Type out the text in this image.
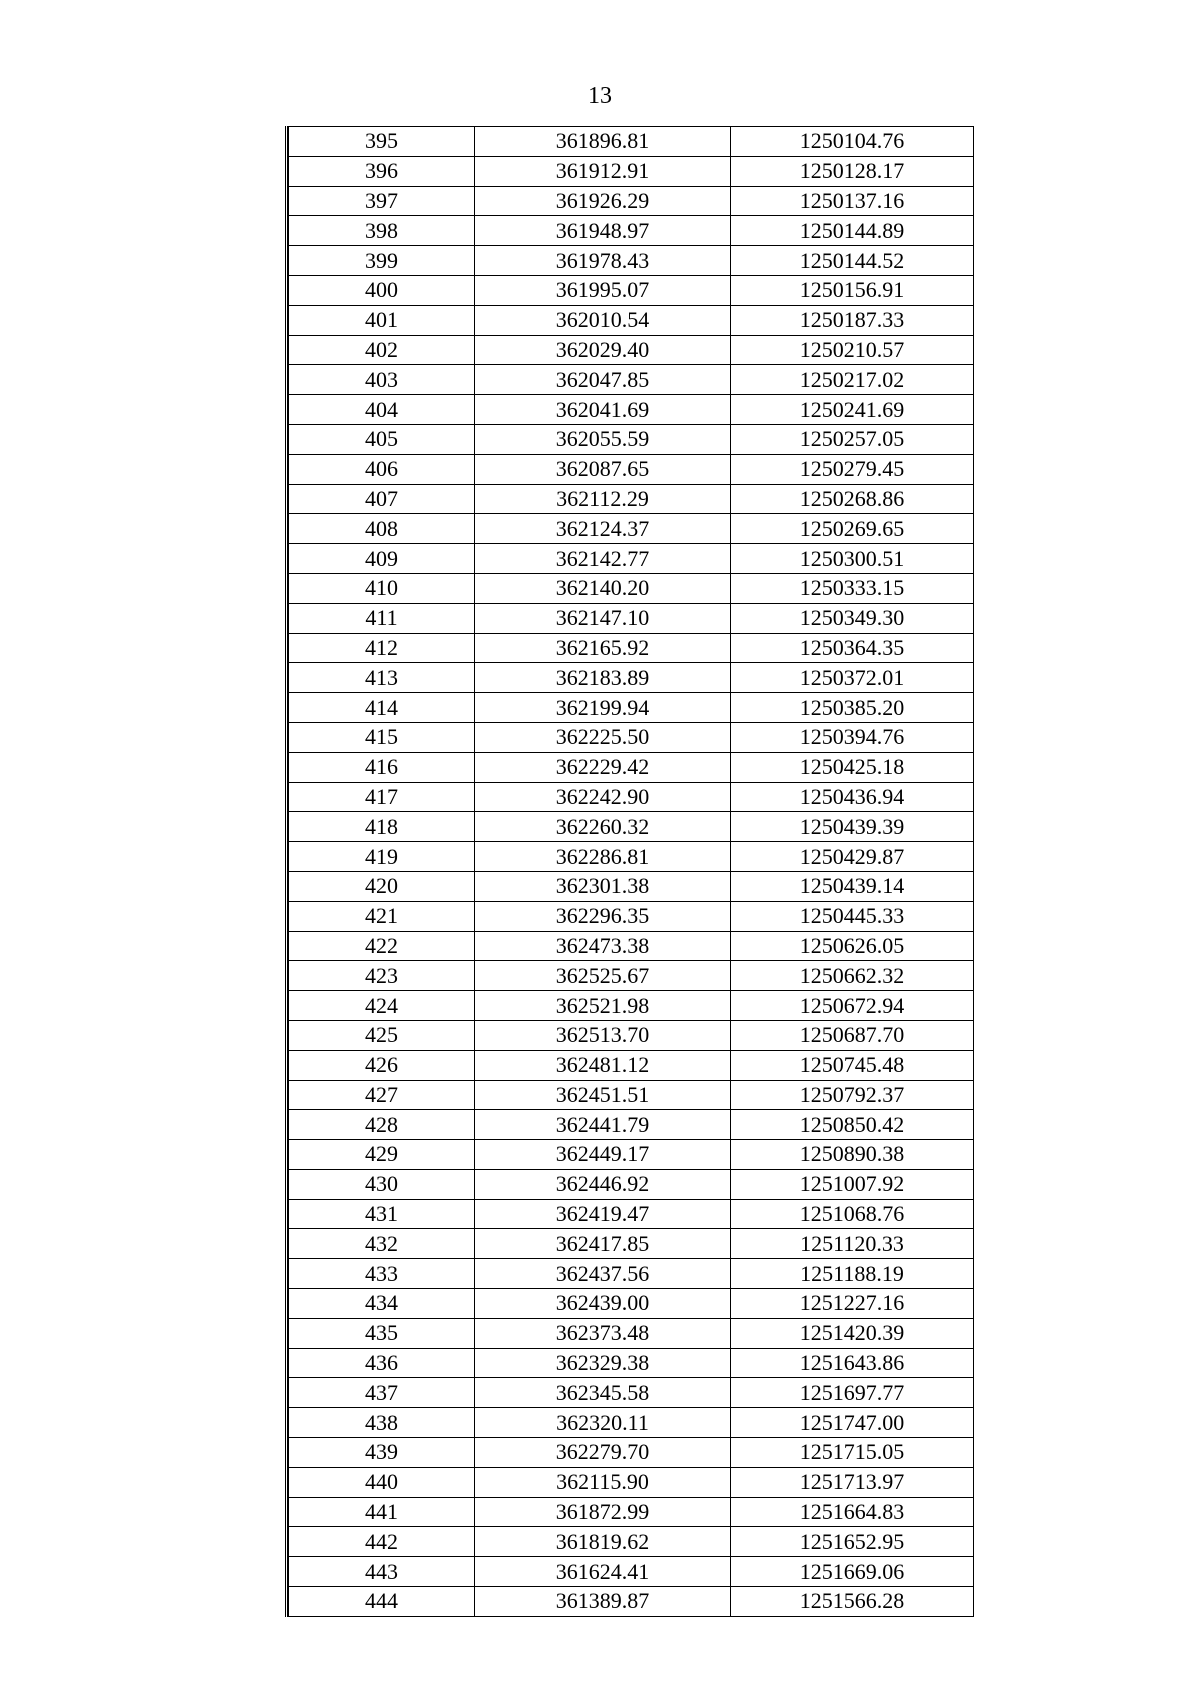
13
395	361896.81	1250104.76
396	361912.91	1250128.17
397	361926.29	1250137.16
398	361948.97	1250144.89
399	361978.43	1250144.52
400	361995.07	1250156.91
401	362010.54	1250187.33
402	362029.40	1250210.57
403	362047.85	1250217.02
404	362041.69	1250241.69
405	362055.59	1250257.05
406	362087.65	1250279.45
407	362112.29	1250268.86
408	362124.37	1250269.65
409	362142.77	1250300.51
410	362140.20	1250333.15
411	362147.10	1250349.30
412	362165.92	1250364.35
413	362183.89	1250372.01
414	362199.94	1250385.20
415	362225.50	1250394.76
416	362229.42	1250425.18
417	362242.90	1250436.94
418	362260.32	1250439.39
419	362286.81	1250429.87
420	362301.38	1250439.14
421	362296.35	1250445.33
422	362473.38	1250626.05
423	362525.67	1250662.32
424	362521.98	1250672.94
425	362513.70	1250687.70
426	362481.12	1250745.48
427	362451.51	1250792.37
428	362441.79	1250850.42
429	362449.17	1250890.38
430	362446.92	1251007.92
431	362419.47	1251068.76
432	362417.85	1251120.33
433	362437.56	1251188.19
434	362439.00	1251227.16
435	362373.48	1251420.39
436	362329.38	1251643.86
437	362345.58	1251697.77
438	362320.11	1251747.00
439	362279.70	1251715.05
440	362115.90	1251713.97
441	361872.99	1251664.83
442	361819.62	1251652.95
443	361624.41	1251669.06
444	361389.87	1251566.28
